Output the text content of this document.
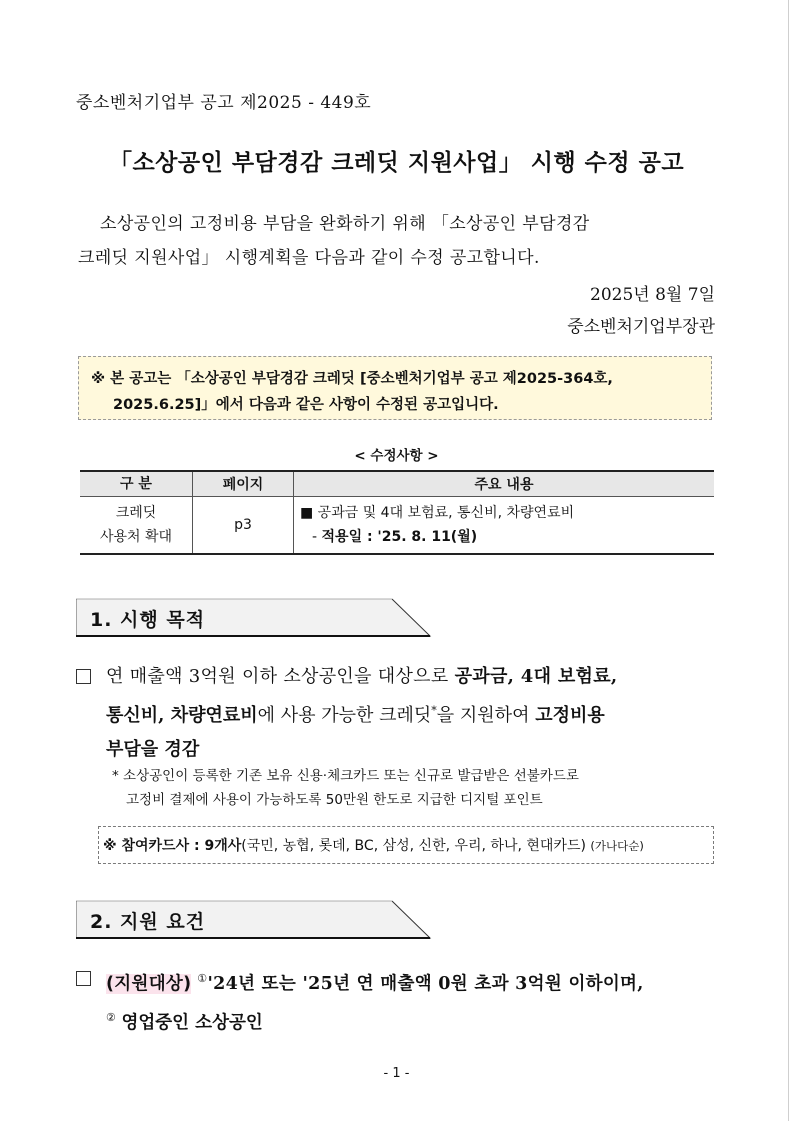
중소벤처기업부 공고 제2025 - 449호
「소상공인 부담경감 크레딧 지원사업」 시행 수정 공고
소상공인의 고정비용 부담을 완화하기 위해 「소상공인 부담경감
크레딧 지원사업」 시행계획을 다음과 같이 수정 공고합니다.
2025년 8월 7일
중소벤처기업부장관
※ 본 공고는 「소상공인 부담경감 크레딧 [중소벤처기업부 공고 제2025-364호,
2025.6.25]」에서 다음과 같은 사항이 수정된 공고입니다.
< 수정사항 >
구 분	페이지	주요 내용
크레딧
사용처 확대	p3	■ 공과금 및 4대 보험료, 통신비, 차량연료비
- 적용일 : '25. 8. 11(월)
1. 시행 목적
연 매출액 3억원 이하 소상공인을 대상으로 공과금, 4대 보험료,
통신비, 차량연료비에 사용 가능한 크레딧*을 지원하여 고정비용
부담을 경감
* 소상공인이 등록한 기존 보유 신용·체크카드 또는 신규로 발급받은 선불카드로
고정비 결제에 사용이 가능하도록 50만원 한도로 지급한 디지털 포인트
※ 참여카드사 : 9개사(국민, 농협, 롯데, BC, 삼성, 신한, 우리, 하나, 현대카드) (가나다순)
2. 지원 요건
(지원대상) ①'24년 또는 '25년 연 매출액 0원 초과 3억원 이하이며,
② 영업중인 소상공인
- 1 -
